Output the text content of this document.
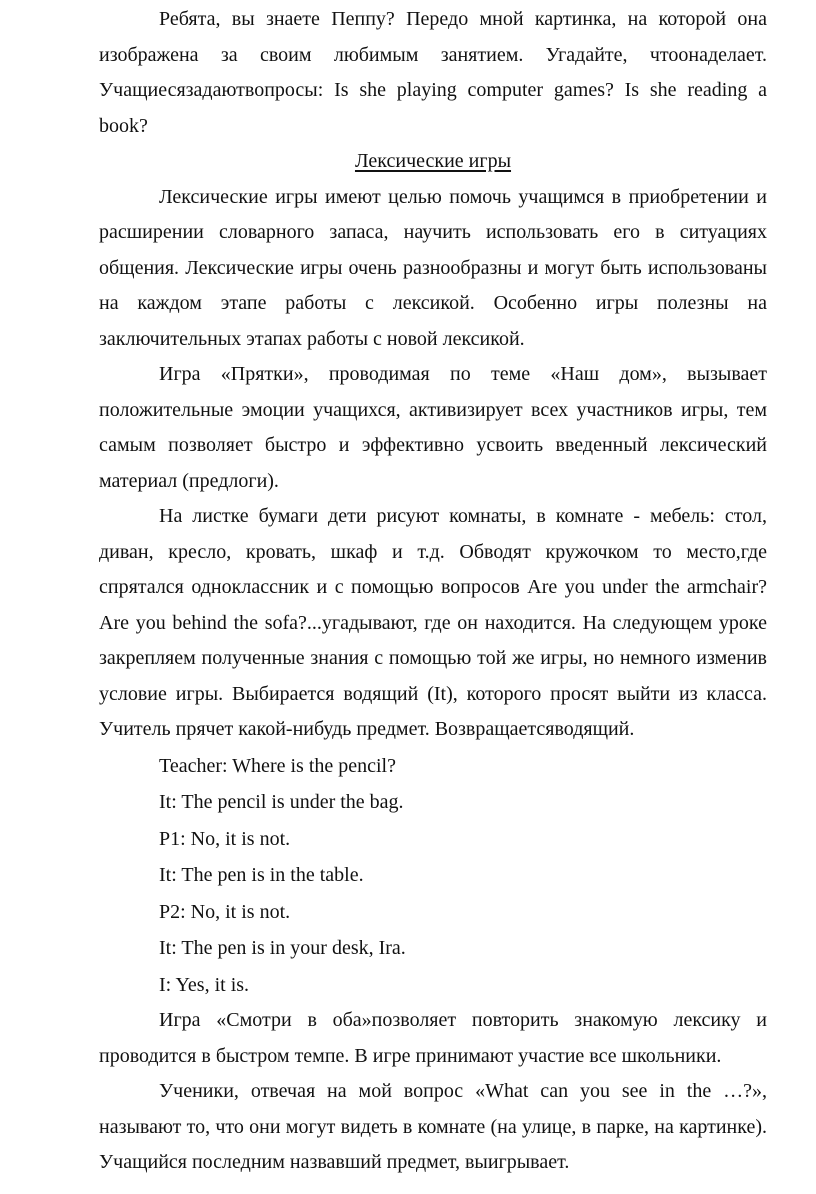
Ребята, вы знаете Пеппу? Передо мной картинка, на которой она изображена за своим любимым занятием. Угадайте, чтоонаделает. Учащиесязадаютвопросы: Is she playing computer games? Is she reading a book?

Лексические игры

Лексические игры имеют целью помочь учащимся в приобретении и расширении словарного запаса, научить использовать его в ситуациях общения. Лексические игры очень разнообразны и могут быть использованы на каждом этапе работы с лексикой. Особенно игры полезны на заключительных этапах работы с новой лексикой.

Игра «Прятки», проводимая по теме «Наш дом», вызывает положительные эмоции учащихся, активизирует всех участников игры, тем самым позволяет быстро и эффективно усвоить введенный лексический материал (предлоги).

На листке бумаги дети рисуют комнаты, в комнате - мебель: стол, диван, кресло, кровать, шкаф и т.д. Обводят кружочком то место,где спрятался одноклассник и с помощью вопросов Are you under the armchair? Are you behind the sofa?...угадывают, где он находится. На следующем уроке закрепляем полученные знания с помощью той же игры, но немного изменив условие игры. Выбирается водящий (It), которого просят выйти из класса. Учитель прячет какой-нибудь предмет. Возвращаетсяводящий.

Teacher: Where is the pencil?

It: The pencil is under the bag.

P1: No, it is not.

It: The pen is in the table.

P2: No, it is not.

It: The pen is in your desk, Ira.

I: Yes, it is.

Игра «Смотри в оба»позволяет повторить знакомую лексику и проводится в быстром темпе. В игре принимают участие все школьники.

Ученики, отвечая на мой вопрос «What can you see in the …?», называют то, что они могут видеть в комнате (на улице, в парке, на картинке). Учащийся последним назвавший предмет, выигрывает.
